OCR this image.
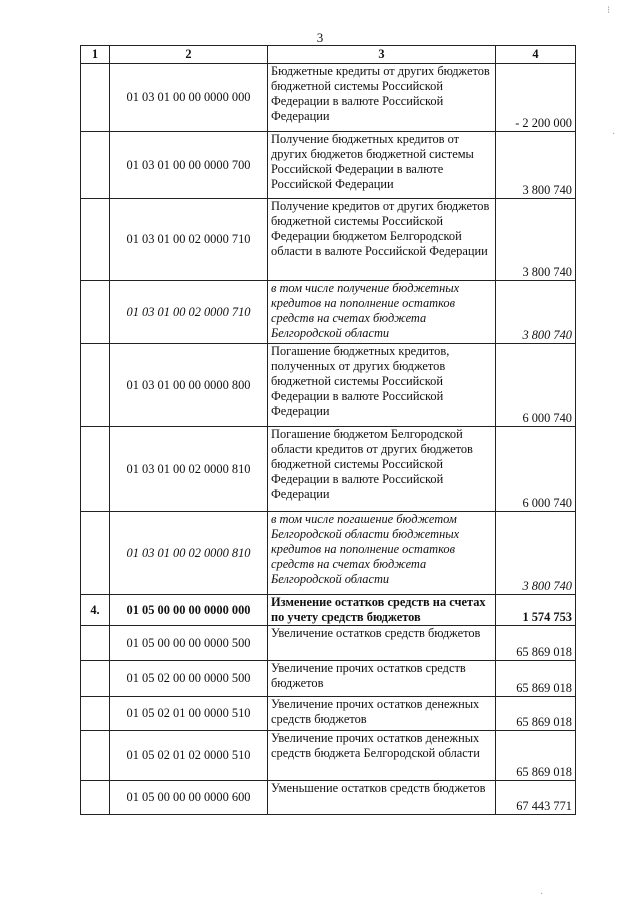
3
1	2	3	4
	01 03 01 00 00 0000 000	Бюджетные кредиты от других бюджетов бюджетной системы Российской Федерации в валюте Российской Федерации	- 2 200 000
	01 03 01 00 00 0000 700	Получение бюджетных кредитов от других бюджетов бюджетной системы Российской Федерации в валюте Российской Федерации	3 800 740
	01 03 01 00 02 0000 710	Получение кредитов от других бюджетов бюджетной системы Российской Федерации бюджетом Белгородской области в валюте Российской Федерации	3 800 740
	01 03 01 00 02 0000 710	в том числе получение бюджетных кредитов на пополнение остатков средств на счетах бюджета Белгородской области	3 800 740
	01 03 01 00 00 0000 800	Погашение бюджетных кредитов, полученных от других бюджетов бюджетной системы Российской Федерации в валюте Российской Федерации	6 000 740
	01 03 01 00 02 0000 810	Погашение бюджетом Белгородской области кредитов от других бюджетов бюджетной системы Российской Федерации в валюте Российской Федерации	6 000 740
	01 03 01 00 02 0000 810	в том числе погашение бюджетом Белгородской области бюджетных кредитов на пополнение остатков средств на счетах бюджета Белгородской области	3 800 740
4.	01 05 00 00 00 0000 000	Изменение остатков средств на счетах по учету средств бюджетов	1 574 753
	01 05 00 00 00 0000 500	Увеличение остатков средств бюджетов	65 869 018
	01 05 02 00 00 0000 500	Увеличение прочих остатков средств бюджетов	65 869 018
	01 05 02 01 00 0000 510	Увеличение прочих остатков денежных средств бюджетов	65 869 018
	01 05 02 01 02 0000 510	Увеличение прочих остатков денежных средств бюджета Белгородской области	65 869 018
	01 05 00 00 00 0000 600	Уменьшение остатков средств бюджетов	67 443 771
⁝
·
·
